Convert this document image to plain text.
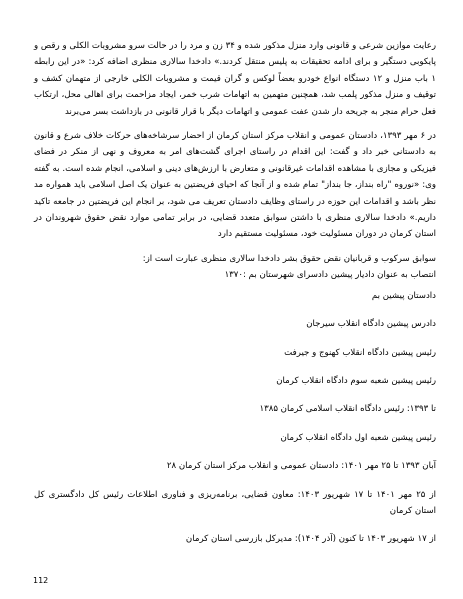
رعایت موازین شرعی و قانونی وارد منزل مذکور شده و ۳۴ زن و مرد را در حالت سرو مشروبات الکلی و رقص و پایکوبی دستگیر و برای ادامه تحقیقات به پلیس منتقل کردند.» دادخدا سالاری منظری اضافه کرد: «در این رابطه ۱ باب منزل و ۱۲ دستگاه انواع خودرو بعضاً لوکس و گران قیمت و مشروبات الکلی خارجی از متهمان کشف و توقیف و منزل مذکور پلمب شد، همچنین متهمین به اتهامات شرب خمر، ایجاد مزاحمت برای اهالی محل، ارتکاب فعل حرام منجر به جریحه دار شدن عفت عمومی و اتهامات دیگر با قرار قانونی در بازداشت بسر می‌برند

در ۶ مهر ۱۳۹۳، دادستان عمومی و انقلاب مرکز استان کرمان از احضار سرشاخه‌های حرکات خلاف شرع و قانون به دادستانی خبر داد و گفت: این اقدام در راستای اجرای گشت‌های امر به معروف و نهی از منکر در فضای فیزیکی و مجازی با مشاهده اقدامات غیرقانونی و متعارض با ارزش‌های دینی و اسلامی، انجام شده است. به گفته وی: «نوروه "راه بنداز، جا بنداز" تمام شده و از آنجا که احیای فریضتین به عنوان یک اصل اسلامی باید همواره مد نظر باشد و اقدامات این حوزه در راستای وظایف دادستان تعریف می شود، بر انجام این فریضتین در جامعه تاکید داریم.» دادخدا سالاری منظری با داشتن سوابق متعدد قضایی، در برابر تمامی موارد نقض حقوق شهروندان در استان کرمان در دوران مسئولیت خود، مسئولیت مستقیم دارد

سوابق سرکوب و قربانیان نقض حقوق بشر دادخدا سالاری منظری عبارت است از:

انتصاب به عنوان دادیار پیشین دادسرای شهرستان بم :۱۳۷۰

دادستان پیشین بم

دادرس پیشین دادگاه انقلاب سیرجان

رئیس پیشین دادگاه انقلاب کهنوج و جیرفت

رئیس پیشین شعبه سوم دادگاه انقلاب کرمان

تا ۱۳۹۳: رئیس دادگاه انقلاب اسلامی کرمان ۱۳۸۵

رئیس پیشین شعبه اول دادگاه انقلاب کرمان

آبان ۱۳۹۳ تا ۲۵ مهر ۱۴۰۱: دادستان عمومی و انقلاب مرکز استان کرمان ۲۸

از ۲۵ مهر ۱۴۰۱ تا ۱۷ شهریور ۱۴۰۳: معاون قضایی، برنامه‌ریزی و فناوری اطلاعات رئیس کل دادگستری کل استان کرمان

از ۱۷ شهریور ۱۴۰۳ تا کنون (آذر ۱۴۰۴): مدیرکل بازرسی استان کرمان

112
